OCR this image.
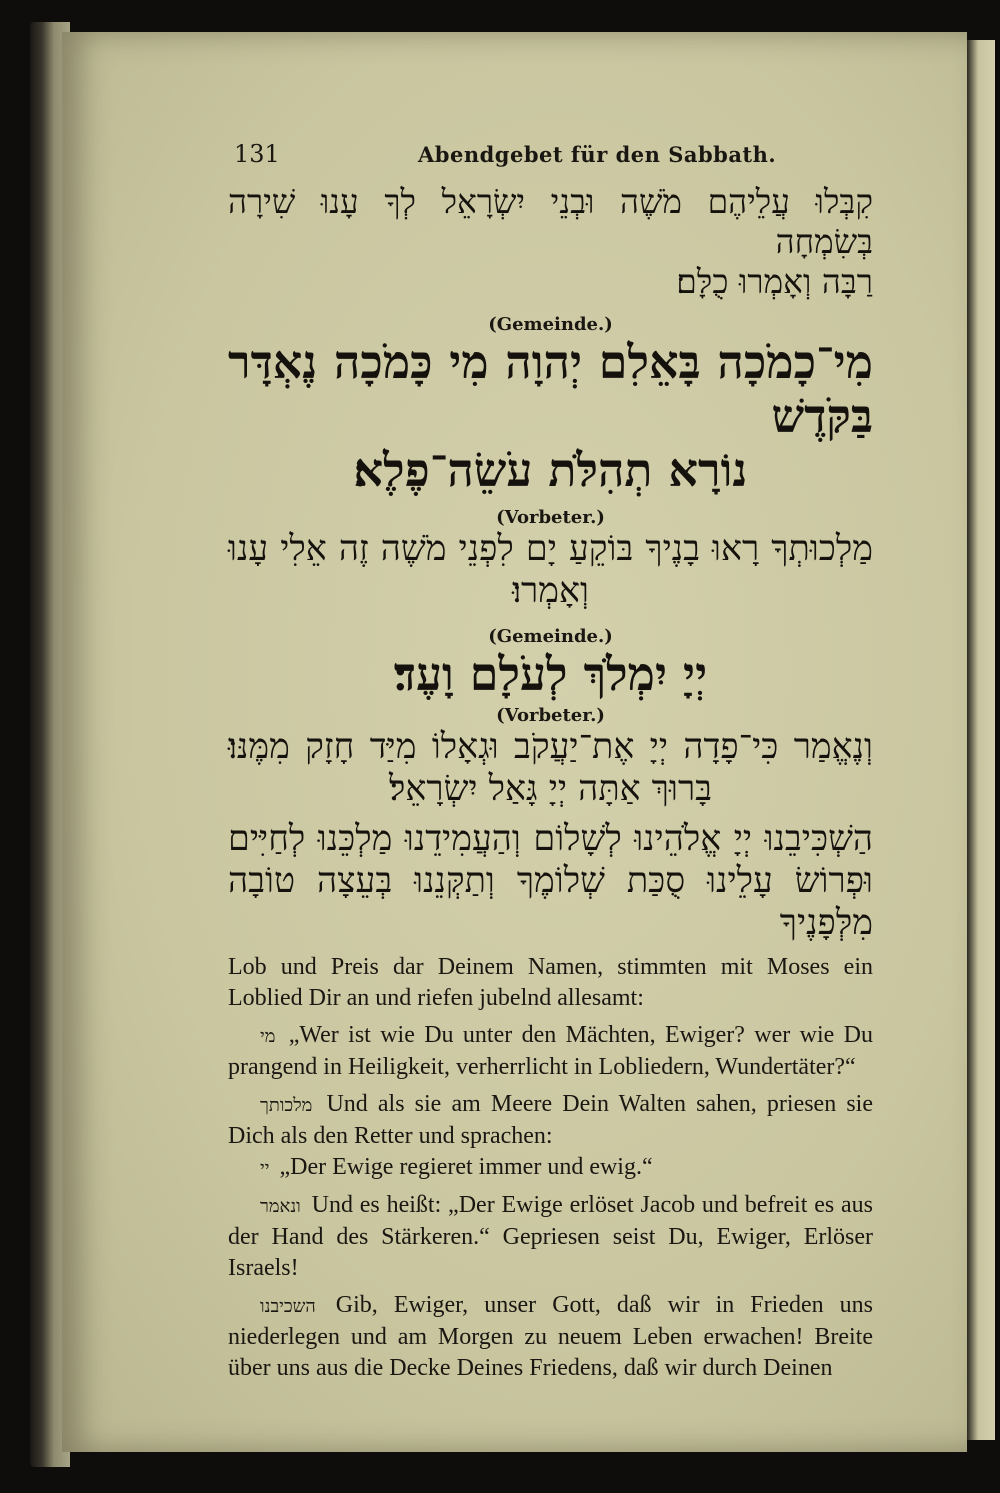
131	Abendgebet für den Sabbath.
קִבְּלוּ עֲלֵיהֶם מֹשֶׁה וּבְנֵי יִשְׂרָאֵל לְךָ עָנוּ שִׁירָה בְּשִׂמְחָה
רַבָּה וְאָמְרוּ כֻלָּם׃

(Gemeinde.)

מִי־כָמֹכָה בָּאֵלִם יְהוָה מִי כָּמֹכָה נֶאְדָּר בַּקֹּדֶשׁ
נוֹרָא תְהִלֹּת עֹשֵׂה־פֶלֶא׃

(Vorbeter.)

מַלְכוּתְךָ רָאוּ בָנֶיךָ בּוֹקֵעַ יָם לִפְנֵי מֹשֶׁה זֶה אֵלִי עָנוּ
וְאָמְרוּ׃

(Gemeinde.)

יְיָ יִמְלֹךְ לְעֹלָם וָעֶד׃

(Vorbeter.)

וְנֶאֱמַר כִּי־פָדָה יְיָ אֶת־יַעֲקֹב וּגְאָלוֹ מִיַּד חָזָק מִמֶּנּוּ׃
בָּרוּךְ אַתָּה יְיָ גָּאַל יִשְׂרָאֵל׃
הַשְׁכִּיבֵנוּ יְיָ אֱלֹהֵינוּ לְשָׁלוֹם וְהַעֲמִידֵנוּ מַלְכֵּנוּ לְחַיִּים
וּפְרוֹשׂ עָלֵינוּ סֻכַּת שְׁלוֹמֶךָ וְתַקְּנֵנוּ בְּעֵצָה טוֹבָה מִלְּפָנֶיךָ

Lob und Preis dar Deinem Namen, stimmten mit Moses ein Loblied Dir an und riefen jubelnd allesamt:

מי „Wer ist wie Du unter den Mächten, Ewiger? wer wie Du prangend in Heiligkeit, verherrlicht in Lobliedern, Wundertäter?“

מלכותך Und als sie am Meere Dein Walten sahen, priesen sie Dich als den Retter und sprachen:

יי „Der Ewige regieret immer und ewig.“

ונאמר Und es heißt: „Der Ewige erlöset Jacob und befreit es aus der Hand des Stärkeren.“ Gepriesen seist Du, Ewiger, Erlöser Israels!

השכיבנו Gib, Ewiger, unser Gott, daß wir in Frieden uns niederlegen und am Morgen zu neuem Leben erwachen! Breite über uns aus die Decke Deines Friedens, daß wir durch Deinen
